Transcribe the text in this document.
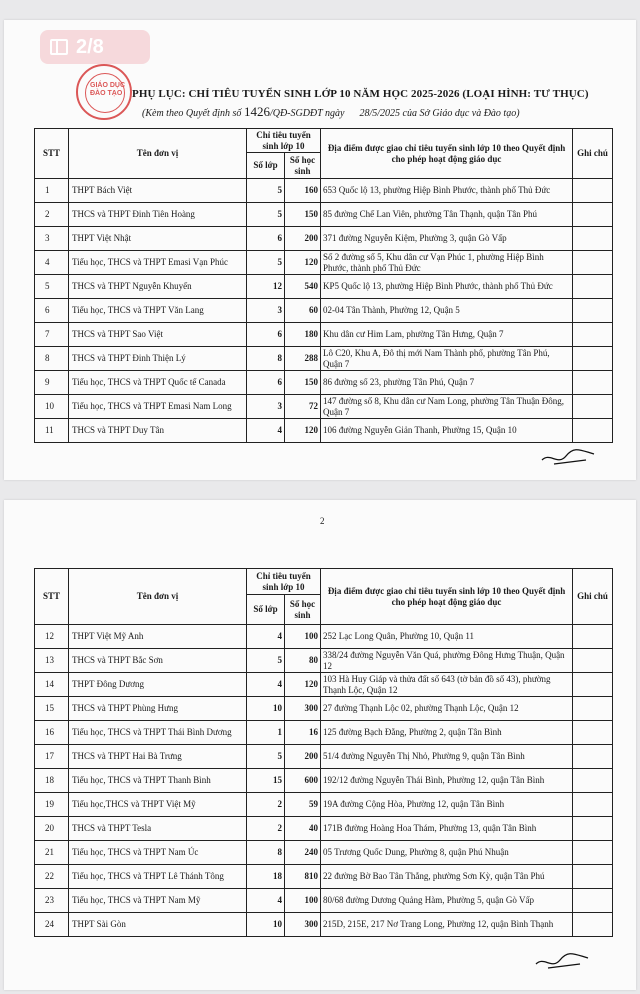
2/8
GIÁO DỤC
ĐÀO TẠO PHỤ LỤC: CHỈ TIÊU TUYỂN SINH LỚP 10 NĂM HỌC 2025-2026 (LOẠI HÌNH: TƯ THỤC)
(Kèm theo Quyết định số 1426/QĐ-SGDĐT ngày 28/5/2025 của Sở Giáo dục và Đào tạo)
STT	Tên đơn vị	Chỉ tiêu tuyển sinh lớp 10		Địa điểm được giao chỉ tiêu tuyển sinh lớp 10 theo Quyết định cho phép hoạt động giáo dục	Ghi chú
		Số lớp	Số học sinh		
1	THPT Bách Việt	5	160	653 Quốc lộ 13, phường Hiệp Bình Phước, thành phố Thủ Đức	
2	THCS và THPT Đinh Tiên Hoàng	5	150	85 đường Chế Lan Viên, phường Tân Thạnh, quận Tân Phú	
3	THPT Việt Nhật	6	200	371 đường Nguyễn Kiệm, Phường 3, quận Gò Vấp	
4	Tiểu học, THCS và THPT Emasi Vạn Phúc	5	120	Số 2 đường số 5, Khu dân cư Vạn Phúc 1, phường Hiệp Bình Phước, thành phố Thủ Đức	
5	THCS và THPT Nguyễn Khuyến	12	540	KP5 Quốc lộ 13, phường Hiệp Bình Phước, thành phố Thủ Đức	
6	Tiểu học, THCS và THPT Văn Lang	3	60	02-04 Tân Thành, Phường 12, Quận 5	
7	THCS và THPT Sao Việt	6	180	Khu dân cư Him Lam, phường Tân Hưng, Quận 7	
8	THCS và THPT Đinh Thiện Lý	8	288	Lô C20, Khu A, Đô thị mới Nam Thành phố, phường Tân Phú, Quận 7	
9	Tiểu học, THCS và THPT Quốc tế Canada	6	150	86 đường số 23, phường Tân Phú, Quận 7	
10	Tiểu học, THCS và THPT Emasi Nam Long	3	72	147 đường số 8, Khu dân cư Nam Long, phường Tân Thuận Đông, Quận 7	
11	THCS và THPT Duy Tân	4	120	106 đường Nguyễn Giản Thanh, Phường 15, Quận 10	
2
STT	Tên đơn vị	Chỉ tiêu tuyển sinh lớp 10		Địa điểm được giao chỉ tiêu tuyển sinh lớp 10 theo Quyết định cho phép hoạt động giáo dục	Ghi chú
		Số lớp	Số học sinh		
12	THPT Việt Mỹ Anh	4	100	252 Lạc Long Quân, Phường 10, Quận 11	
13	THCS và THPT Bắc Sơn	5	80	338/24 đường Nguyễn Văn Quá, phường Đông Hưng Thuận, Quận 12	
14	THPT Đông Dương	4	120	103 Hà Huy Giáp và thửa đất số 643 (tờ bản đồ số 43), phường Thạnh Lộc, Quận 12	
15	THCS và THPT Phùng Hưng	10	300	27 đường Thạnh Lộc 02, phường Thạnh Lộc, Quận 12	
16	Tiểu học, THCS và THPT Thái Bình Dương	1	16	125 đường Bạch Đằng, Phường 2, quận Tân Bình	
17	THCS và THPT Hai Bà Trưng	5	200	51/4 đường Nguyễn Thị Nhỏ, Phường 9, quận Tân Bình	
18	Tiểu học, THCS và THPT Thanh Bình	15	600	192/12 đường Nguyễn Thái Bình, Phường 12, quận Tân Bình	
19	Tiểu học,THCS và THPT Việt Mỹ	2	59	19A đường Cộng Hòa, Phường 12, quận Tân Bình	
20	THCS và THPT Tesla	2	40	171B đường Hoàng Hoa Thám, Phường 13, quận Tân Bình	
21	Tiểu học, THCS và THPT Nam Úc	8	240	05 Trương Quốc Dung, Phường 8, quận Phú Nhuận	
22	Tiểu học, THCS và THPT Lê Thánh Tông	18	810	22 đường Bờ Bao Tân Thắng, phường Sơn Kỳ, quận Tân Phú	
23	Tiểu học, THCS và THPT Nam Mỹ	4	100	80/68 đường Dương Quảng Hàm, Phường 5, quận Gò Vấp	
24	THPT Sài Gòn	10	300	215D, 215E, 217 Nơ Trang Long, Phường 12, quận Bình Thạnh	
